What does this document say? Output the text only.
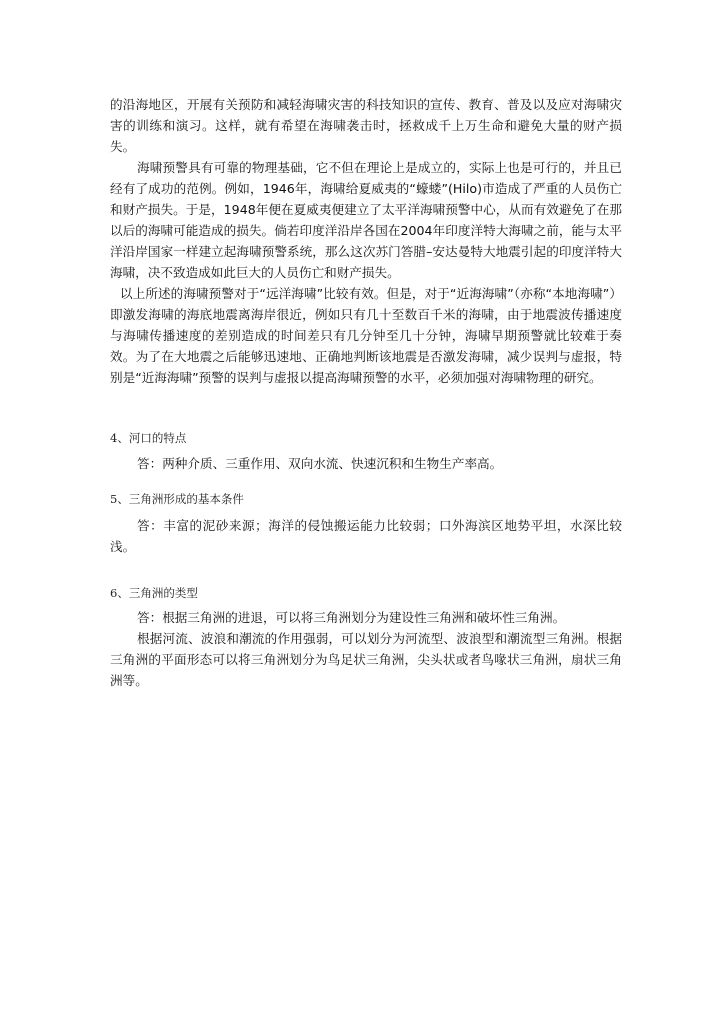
的沿海地区，开展有关预防和减轻海啸灾害的科技知识的宣传、教育、普及以及应对海啸灾害的训练和演习。这样，就有希望在海啸袭击时，拯救成千上万生命和避免大量的财产损失。

海啸预警具有可靠的物理基础，它不但在理论上是成立的，实际上也是可行的，并且已经有了成功的范例。例如，1946年，海啸给夏威夷的“蠔蝼”(Hilo)市造成了严重的人员伤亡和财产损失。于是，1948年便在夏威夷便建立了太平洋海啸预警中心，从而有效避免了在那以后的海啸可能造成的损失。倘若印度洋沿岸各国在2004年印度洋特大海啸之前，能与太平洋沿岸国家一样建立起海啸预警系统，那么这次苏门答腊–安达曼特大地震引起的印度洋特大海啸，决不致造成如此巨大的人员伤亡和财产损失。

以上所述的海啸预警对于“远洋海啸”比较有效。但是，对于“近海海啸”（亦称“本地海啸”）即激发海啸的海底地震离海岸很近，例如只有几十至数百千米的海啸，由于地震波传播速度与海啸传播速度的差别造成的时间差只有几分钟至几十分钟，海啸早期预警就比较难于奏效。为了在大地震之后能够迅速地、正确地判断该地震是否激发海啸，减少误判与虚报，特别是“近海海啸”预警的误判与虚报以提高海啸预警的水平，必须加强对海啸物理的研究。

4、河口的特点

答：两种介质、三重作用、双向水流、快速沉积和生物生产率高。

5、三角洲形成的基本条件

答：丰富的泥砂来源；海洋的侵蚀搬运能力比较弱；口外海滨区地势平坦，水深比较浅。

6、三角洲的类型

答：根据三角洲的进退，可以将三角洲划分为建设性三角洲和破坏性三角洲。

根据河流、波浪和潮流的作用强弱，可以划分为河流型、波浪型和潮流型三角洲。根据三角洲的平面形态可以将三角洲划分为鸟足状三角洲，尖头状或者鸟喙状三角洲，扇状三角洲等。
